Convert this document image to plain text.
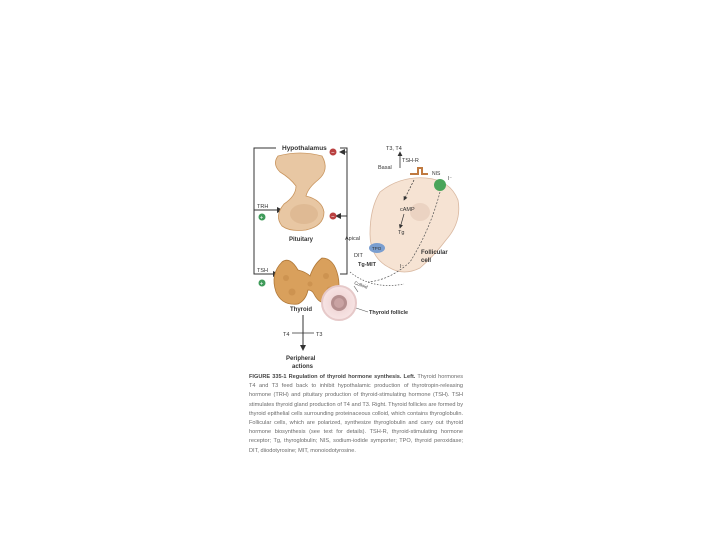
Hypothalamus
Pituitary
TRH
TSH
−
−
+
+
Thyroid
T4	T3
Peripheral
actions
T3, T4
TSH-R
Basal
NIS
I⁻
cAMP
Tg
Apical
TPO
DIT
Tg-MIT	I⁻
Follicular
cell
Colloid
Thyroid follicle
FIGURE 335-1 Regulation of thyroid hormone synthesis. Left. Thyroid hormones T4 and T3 feed back to inhibit hypothalamic production of thyrotropin-releasing hormone (TRH) and pituitary production of thyroid-stimulating hormone (TSH). TSH stimulates thyroid gland production of T4 and T3. Right. Thyroid follicles are formed by thyroid epithelial cells surrounding proteinaceous colloid, which contains thyroglobulin. Follicular cells, which are polarized, synthesize thyroglobulin and carry out thyroid hormone biosynthesis (see text for details). TSH-R, thyroid-stimulating hormone receptor; Tg, thyroglobulin; NIS, sodium-iodide symporter; TPO, thyroid peroxidase; DIT, diiodotyrosine; MIT, monoiodotyrosine.
